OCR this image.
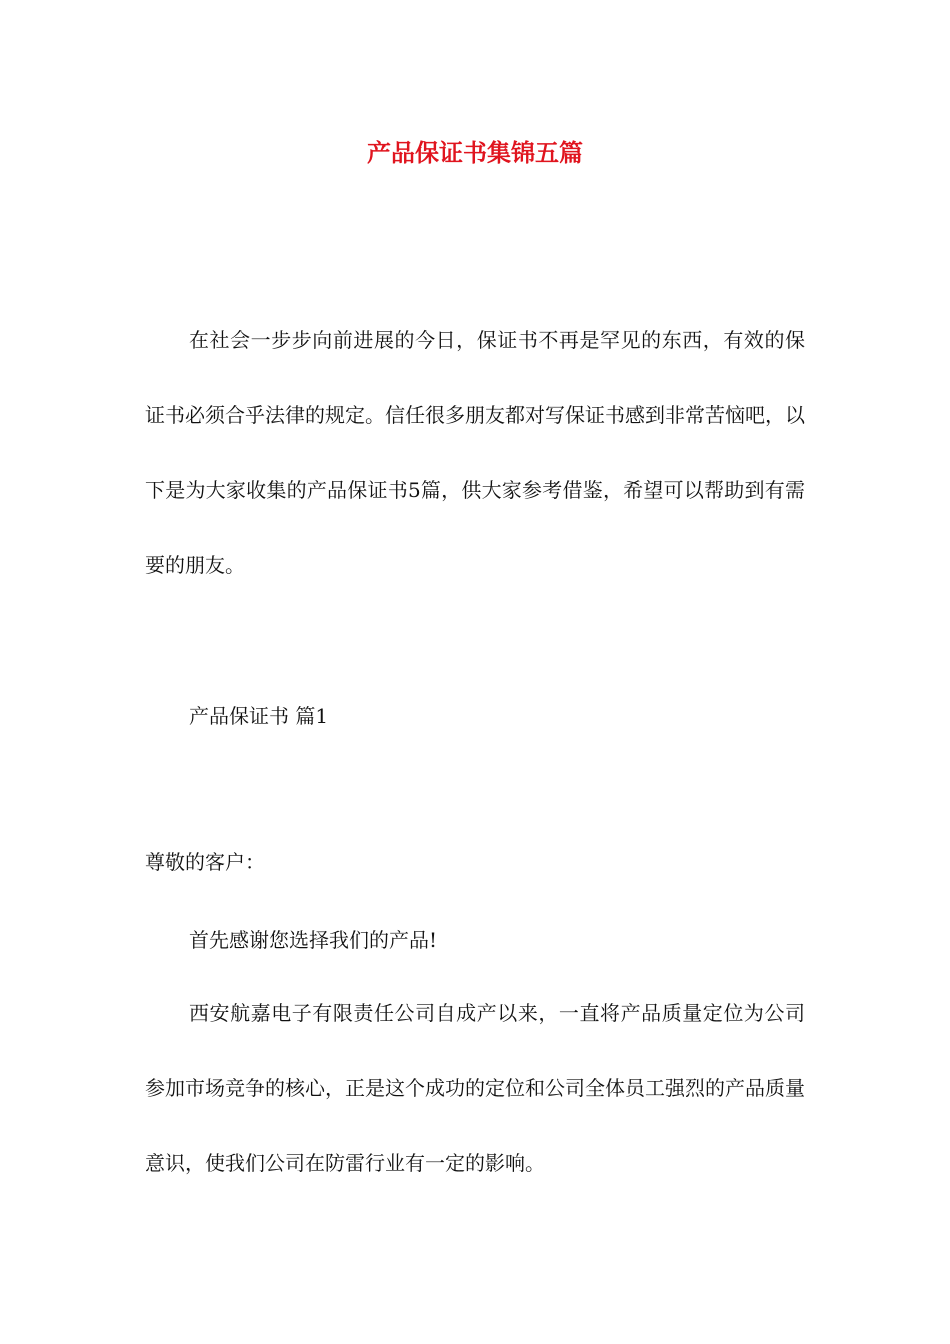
产品保证书集锦五篇
在社会一步步向前进展的今日，保证书不再是罕见的东西，有效的保证书必须合乎法律的规定。信任很多朋友都对写保证书感到非常苦恼吧，以下是为大家收集的产品保证书5篇，供大家参考借鉴，希望可以帮助到有需要的朋友。
产品保证书 篇1
尊敬的客户：
首先感谢您选择我们的产品!
西安航嘉电子有限责任公司自成产以来，一直将产品质量定位为公司参加市场竞争的核心，正是这个成功的定位和公司全体员工强烈的产品质量意识，使我们公司在防雷行业有一定的影响。
